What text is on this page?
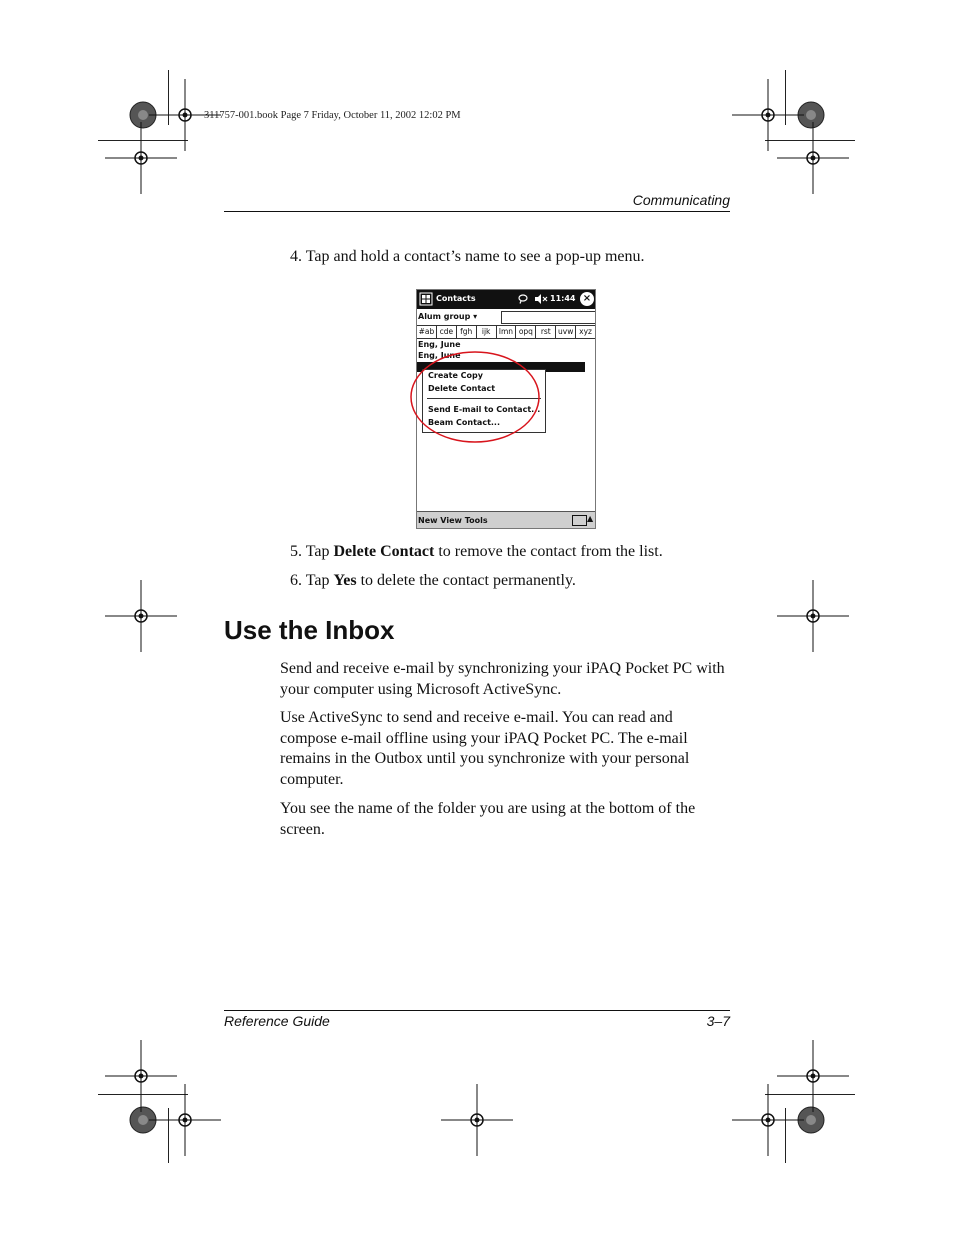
311757-001.book Page 7 Friday, October 11, 2002 12:02 PM
Communicating
4. Tap and hold a contact’s name to see a pop-up menu.
Contacts	11:44 ×
Alum group ▾
#ab cde fgh	ijk	lmn opq	rst uvw xyz
Eng, June
Eng, June
Create Copy
Delete Contact
Send E-mail to Contact...
Beam Contact...
New View Tools	▲
5. Tap Delete Contact to remove the contact from the list.
6. Tap Yes to delete the contact permanently.
Use the Inbox
Send and receive e-mail by synchronizing your iPAQ Pocket PC with your computer using Microsoft ActiveSync.
Use ActiveSync to send and receive e-mail. You can read and compose e-mail offline using your iPAQ Pocket PC. The e-mail remains in the Outbox until you synchronize with your personal computer.
You see the name of the folder you are using at the bottom of the screen.
Reference Guide	3–7
